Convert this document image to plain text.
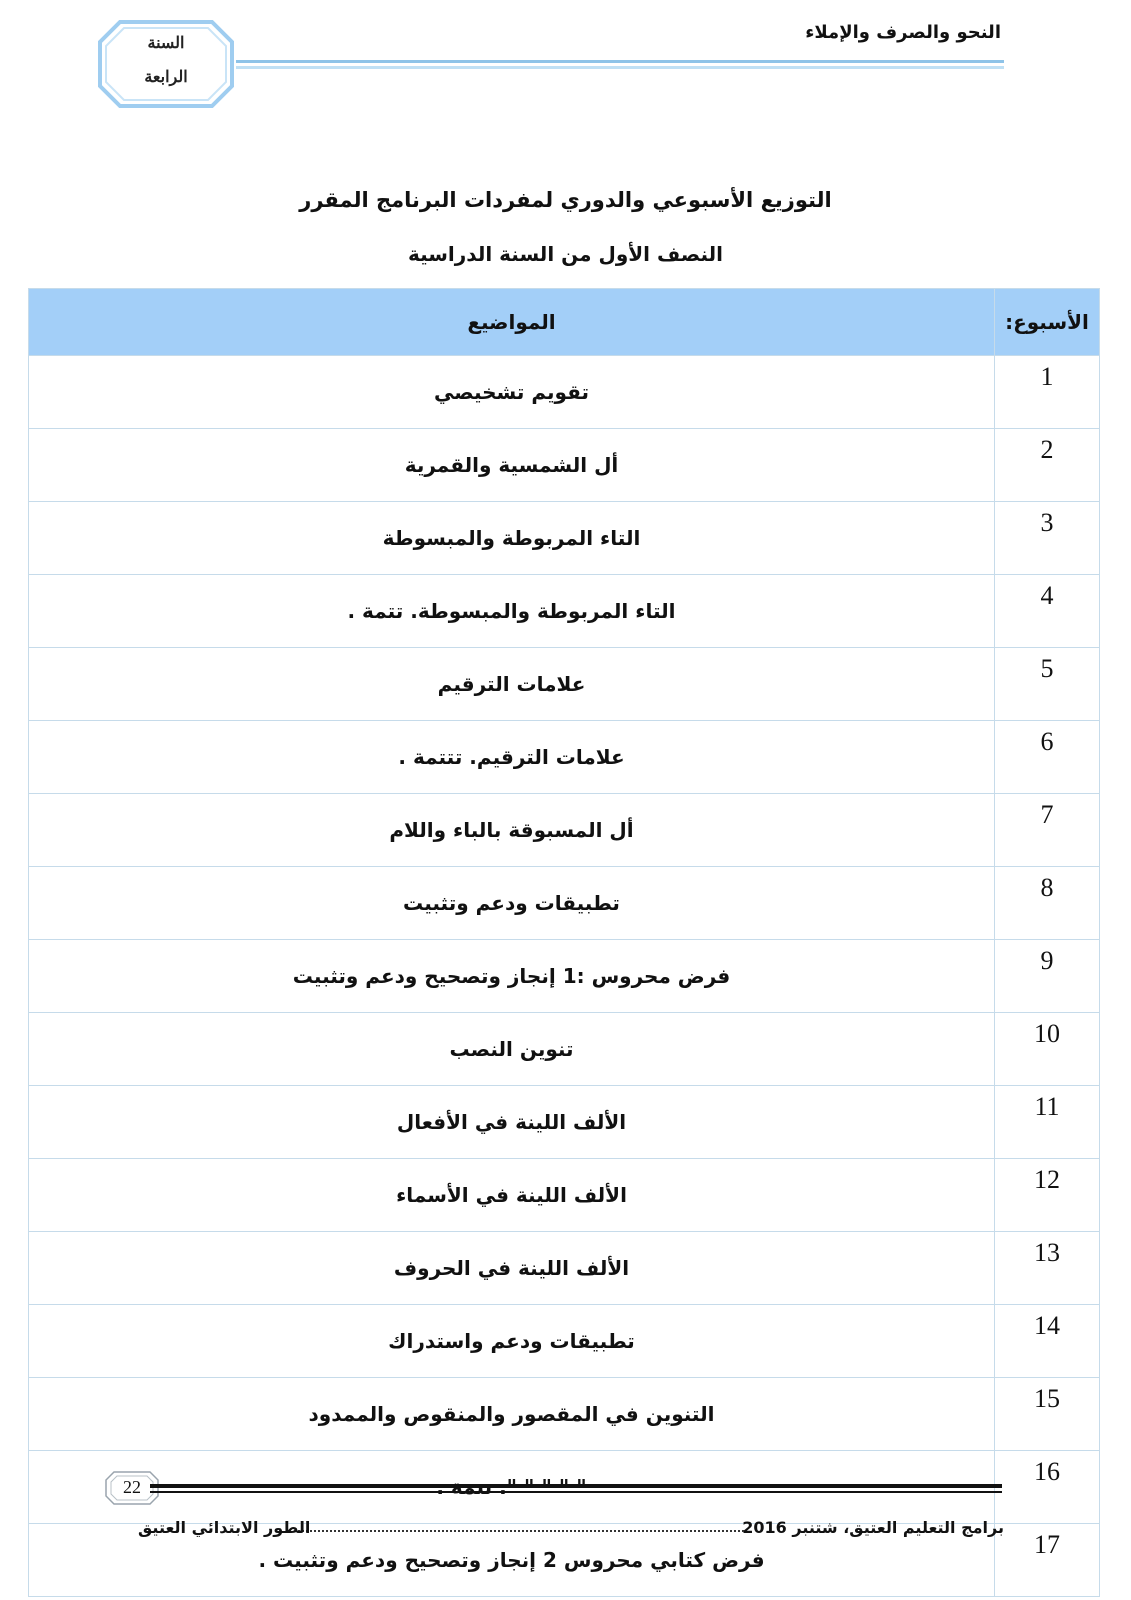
النحو والصرف والإملاء
السنة
الرابعة
التوزيع الأسبوعي والدوري لمفردات البرنامج المقرر
النصف الأول من السنة الدراسية
المواضيع	الأسبوع:
تقويم تشخيصي	1
أل الشمسية والقمرية	2
التاء المربوطة والمبسوطة	3
التاء المربوطة والمبسوطة. تتمة .	4
علامات الترقيم	5
علامات الترقيم. تتتمة .	6
أل المسبوقة بالباء واللام	7
تطبيقات ودعم وتثبيت	8
فرض محروس :1 إنجاز وتصحيح ودعم وتثبيت	9
تنوين النصب	10
الألف اللينة في الأفعال	11
الألف اللينة في الأسماء	12
الألف اللينة في الحروف	13
تطبيقات ودعم واستدراك	14
التنوين في المقصور والمنقوص والممدود	15
	16
فرض كتابي محروس 2 إنجاز وتصحيح ودعم وتثبيت .	17
22
برامج التعليم العتيق، شتنبر 2016
الطور الابتدائي العتيق
